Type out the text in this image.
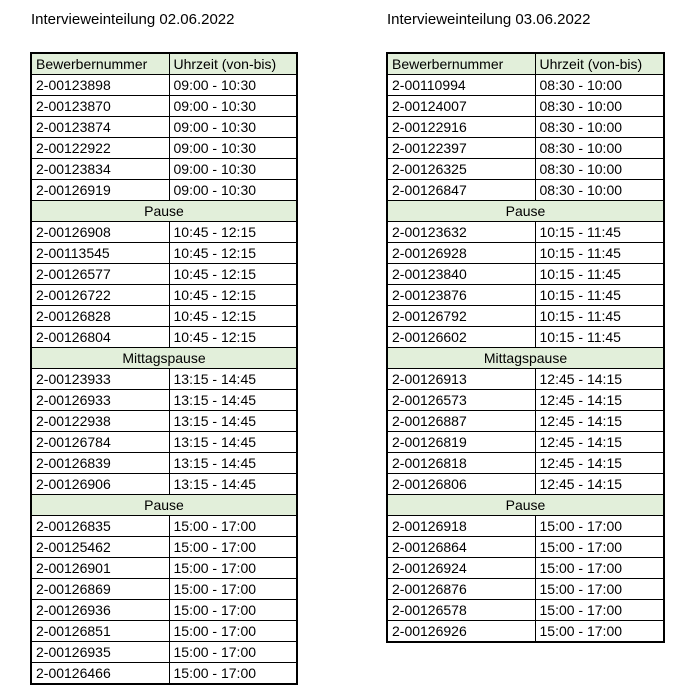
Intervieweinteilung 02.06.2022
Bewerbernummer	Uhrzeit (von-bis)
2-00123898	09:00 - 10:30
2-00123870	09:00 - 10:30
2-00123874	09:00 - 10:30
2-00122922	09:00 - 10:30
2-00123834	09:00 - 10:30
2-00126919	09:00 - 10:30
Pause	
2-00126908	10:45 - 12:15
2-00113545	10:45 - 12:15
2-00126577	10:45 - 12:15
2-00126722	10:45 - 12:15
2-00126828	10:45 - 12:15
2-00126804	10:45 - 12:15
Mittagspause	
2-00123933	13:15 - 14:45
2-00126933	13:15 - 14:45
2-00122938	13:15 - 14:45
2-00126784	13:15 - 14:45
2-00126839	13:15 - 14:45
2-00126906	13:15 - 14:45
Pause	
2-00126835	15:00 - 17:00
2-00125462	15:00 - 17:00
2-00126901	15:00 - 17:00
2-00126869	15:00 - 17:00
2-00126936	15:00 - 17:00
2-00126851	15:00 - 17:00
2-00126935	15:00 - 17:00
2-00126466	15:00 - 17:00
Intervieweinteilung 03.06.2022
Bewerbernummer	Uhrzeit (von-bis)
2-00110994	08:30 - 10:00
2-00124007	08:30 - 10:00
2-00122916	08:30 - 10:00
2-00122397	08:30 - 10:00
2-00126325	08:30 - 10:00
2-00126847	08:30 - 10:00
Pause	
2-00123632	10:15 - 11:45
2-00126928	10:15 - 11:45
2-00123840	10:15 - 11:45
2-00123876	10:15 - 11:45
2-00126792	10:15 - 11:45
2-00126602	10:15 - 11:45
Mittagspause	
2-00126913	12:45 - 14:15
2-00126573	12:45 - 14:15
2-00126887	12:45 - 14:15
2-00126819	12:45 - 14:15
2-00126818	12:45 - 14:15
2-00126806	12:45 - 14:15
Pause	
2-00126918	15:00 - 17:00
2-00126864	15:00 - 17:00
2-00126924	15:00 - 17:00
2-00126876	15:00 - 17:00
2-00126578	15:00 - 17:00
2-00126926	15:00 - 17:00
